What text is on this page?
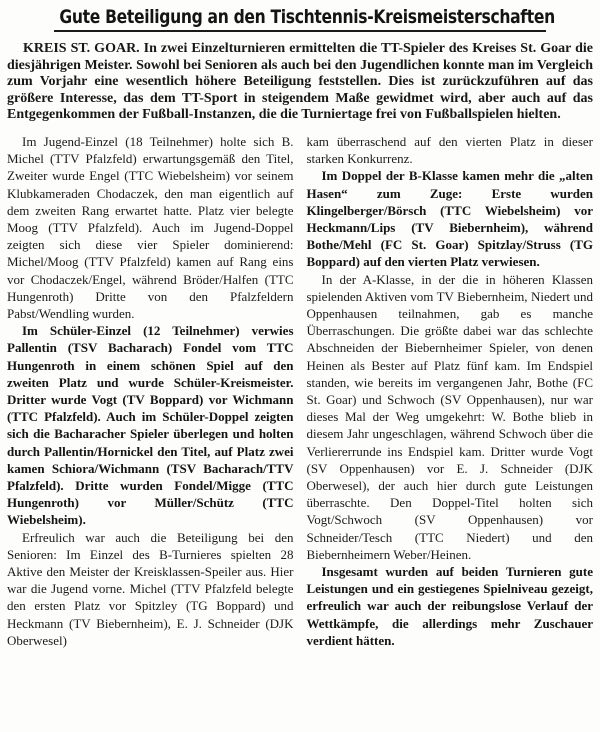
Gute Beteiligung an den Tischtennis-Kreismeisterschaften

KREIS ST. GOAR. In zwei Einzelturnieren ermittelten die TT-Spieler des Kreises St. Goar die diesjährigen Meister. Sowohl bei Senioren als auch bei den Jugendlichen konnte man im Vergleich zum Vorjahr eine wesentlich höhere Beteiligung feststellen. Dies ist zurückzuführen auf das größere Interesse, das dem TT-Sport in steigendem Maße gewidmet wird, aber auch auf das Entgegenkommen der Fußball-Instanzen, die die Turniertage frei von Fußballspielen hielten.

Im Jugend-Einzel (18 Teilnehmer) holte sich B. Michel (TTV Pfalzfeld) erwartungsgemäß den Titel, Zweiter wurde Engel (TTC Wiebelsheim) vor seinem Klubkameraden Chodaczek, den man eigentlich auf dem zweiten Rang erwartet hatte. Platz vier belegte Moog (TTV Pfalzfeld). Auch im Jugend-Doppel zeigten sich diese vier Spieler dominierend: Michel/Moog (TTV Pfalzfeld) kamen auf Rang eins vor Chodaczek/Engel, während Bröder/Halfen (TTC Hungenroth) Dritte von den Pfalzfeldern Pabst/Wendling wurden.

Im Schüler-Einzel (12 Teilnehmer) verwies Pallentin (TSV Bacharach) Fondel vom TTC Hungenroth in einem schönen Spiel auf den zweiten Platz und wurde Schüler-Kreismeister. Dritter wurde Vogt (TV Boppard) vor Wichmann (TTC Pfalzfeld). Auch im Schüler-Doppel zeigten sich die Bacharacher Spieler überlegen und holten durch Pallentin/Hornickel den Titel, auf Platz zwei kamen Schiora/Wichmann (TSV Bacharach/TTV Pfalzfeld). Dritte wurden Fondel/Migge (TTC Hungenroth) vor Müller/Schütz (TTC Wiebelsheim).

Erfreulich war auch die Beteiligung bei den Senioren: Im Einzel des B-Turnieres spielten 28 Aktive den Meister der Kreisklassen-Speiler aus. Hier war die Jugend vorne. Michel (TTV Pfalzfeld belegte den ersten Platz vor Spitzley (TG Boppard) und Heckmann (TV Biebernheim), E. J. Schneider (DJK Oberwesel)

kam überraschend auf den vierten Platz in dieser starken Konkurrenz.

Im Doppel der B-Klasse kamen mehr die „alten Hasen“ zum Zuge: Erste wurden Klingelberger/Börsch (TTC Wiebelsheim) vor Heckmann/Lips (TV Biebernheim), während Bothe/Mehl (FC St. Goar) Spitzlay/Struss (TG Boppard) auf den vierten Platz verwiesen.

In der A-Klasse, in der die in höheren Klassen spielenden Aktiven vom TV Biebernheim, Niedert und Oppenhausen teilnahmen, gab es manche Überraschungen. Die größte dabei war das schlechte Abschneiden der Biebernheimer Spieler, von denen Heinen als Bester auf Platz fünf kam. Im Endspiel standen, wie bereits im vergangenen Jahr, Bothe (FC St. Goar) und Schwoch (SV Oppenhausen), nur war dieses Mal der Weg umgekehrt: W. Bothe blieb in diesem Jahr ungeschlagen, während Schwoch über die Verliererrunde ins Endspiel kam. Dritter wurde Vogt (SV Oppenhausen) vor E. J. Schneider (DJK Oberwesel), der auch hier durch gute Leistungen überraschte. Den Doppel-Titel holten sich Vogt/Schwoch (SV Oppenhausen) vor Schneider/Tesch (TTC Niedert) und den Biebernheimern Weber/Heinen.

Insgesamt wurden auf beiden Turnieren gute Leistungen und ein gestiegenes Spielniveau gezeigt, erfreulich war auch der reibungslose Verlauf der Wettkämpfe, die allerdings mehr Zuschauer verdient hätten.
